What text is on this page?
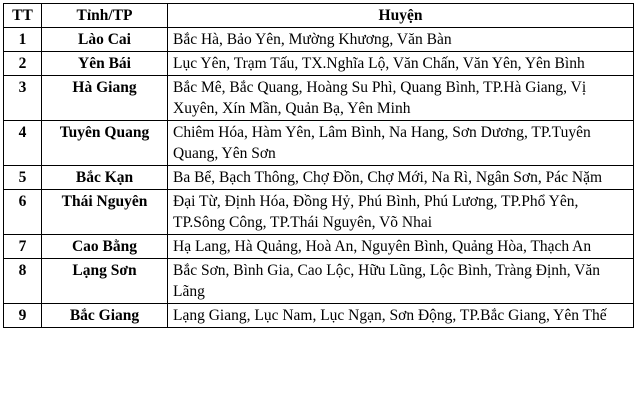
TT	Tỉnh/TP	Huyện
1	Lào Cai	Bắc Hà, Bảo Yên, Mường Khương, Văn Bàn
2	Yên Bái	Lục Yên, Trạm Tấu, TX.Nghĩa Lộ, Văn Chấn, Văn Yên, Yên Bình
3	Hà Giang	Bắc Mê, Bắc Quang, Hoàng Su Phì, Quang Bình, TP.Hà Giang, Vị Xuyên, Xín Mần, Quản Bạ, Yên Minh
4	Tuyên Quang	Chiêm Hóa, Hàm Yên, Lâm Bình, Na Hang, Sơn Dương, TP.Tuyên Quang, Yên Sơn
5	Bắc Kạn	Ba Bể, Bạch Thông, Chợ Đồn, Chợ Mới, Na Rì, Ngân Sơn, Pác Nặm
6	Thái Nguyên	Đại Từ, Định Hóa, Đồng Hỷ, Phú Bình, Phú Lương, TP.Phổ Yên, TP.Sông Công, TP.Thái Nguyên, Võ Nhai
7	Cao Bằng	Hạ Lang, Hà Quảng, Hoà An, Nguyên Bình, Quảng Hòa, Thạch An
8	Lạng Sơn	Bắc Sơn, Bình Gia, Cao Lộc, Hữu Lũng, Lộc Bình, Tràng Định, Văn Lãng
9	Bắc Giang	Lạng Giang, Lục Nam, Lục Ngạn, Sơn Động, TP.Bắc Giang, Yên Thế
